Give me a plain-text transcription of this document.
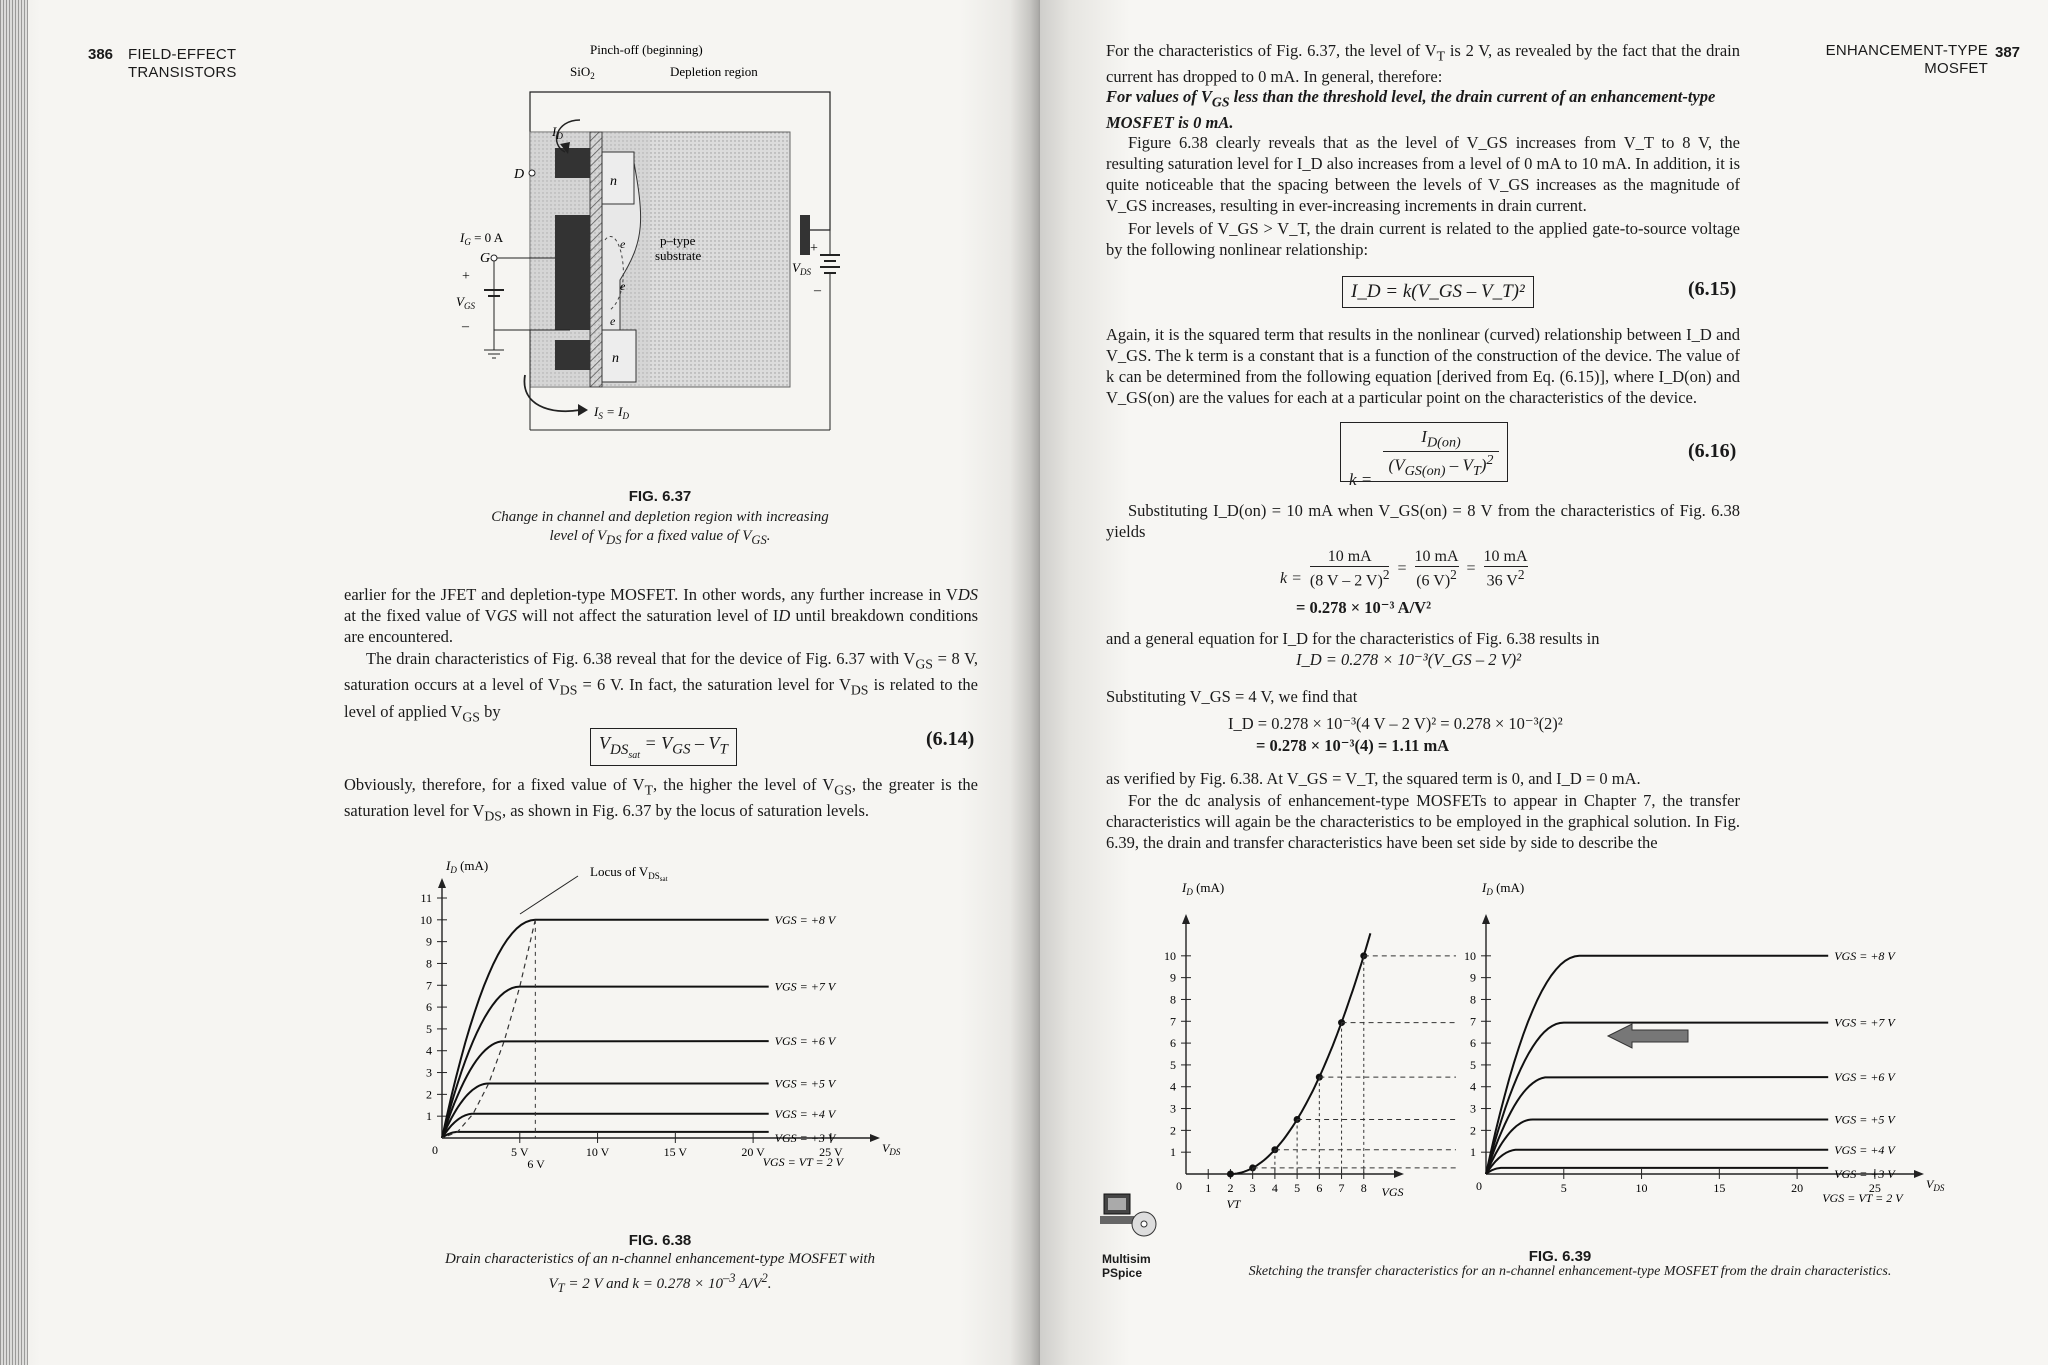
386 FIELD-EFFECT
TRANSISTORS
Pinch-off (beginning)
SiO$_2$	Depletion region
n
n
e
e
e
p–type
substrate
$I_D$
D
$I_G = 0$ A
G
+
$V_{GS}$
–
+
$V_{DS}$
–
$I_S = I_D$
FIG. 6.37
Change in channel and depletion region with increasing
level of $V_{DS}$ for a fixed value of $V_{GS}$.
earlier for the JFET and depletion-type MOSFET. In other words, any further increase in VDS at the fixed value of VGS will not affect the saturation level of ID until breakdown conditions are encountered.
The drain characteristics of Fig. 6.38 reveal that for the device of Fig. 6.37 with $V_{GS} = 8$ V, saturation occurs at a level of $V_{DS} = 6$ V. In fact, the saturation level for $V_{DS}$ is related to the level of applied $V_{GS}$ by
$V_{DS_{sat}} = V_{GS} - V_T$	(6.14)
Obviously, therefore, for a fixed value of $V_T$, the higher the level of $V_{GS}$, the greater is the saturation level for $V_{DS}$, as shown in Fig. 6.37 by the locus of saturation levels.
$I_D$ (mA)	Locus of $V_{DS}sat$
$V_{DS}$
0
1
2
3
4
5
6
7
8
9
10
11
5 V	10 V	15 V	20 V	25 V
VGS = +8 V
VGS = +7 V
VGS = +6 V
VGS = +5 V
VGS = +4 V
VGS = +3 V
VGS = VT = 2 V
6 V
FIG. 6.38
Drain characteristics of an n-channel enhancement-type MOSFET with
$V_T = 2$ V and $k = 0.278 \times 10^{-3}$ $A/V^2$.
ENHANCEMENT-TYPE
MOSFET
387
For the characteristics of Fig. 6.37, the level of $V_T$ is 2 V, as revealed by the fact that the drain current has dropped to 0 mA. In general, therefore:
For values of $V_{GS}$ less than the threshold level, the drain current of an enhancement-type MOSFET is 0 mA.
Figure 6.38 clearly reveals that as the level of V_GS increases from V_T to 8 V, the resulting saturation level for I_D also increases from a level of 0 mA to 10 mA. In addition, it is quite noticeable that the spacing between the levels of V_GS increases as the magnitude of V_GS increases, resulting in ever-increasing increments in drain current.
For levels of V_GS > V_T, the drain current is related to the applied gate-to-source voltage by the following nonlinear relationship:
I_D = k(V_GS – V_T)²	(6.15)
Again, it is the squared term that results in the nonlinear (curved) relationship between I_D and V_GS. The k term is a constant that is a function of the construction of the device. The value of k can be determined from the following equation [derived from Eq. (6.15)], where I_D(on) and V_GS(on) are the values for each at a particular point on the characteristics of the device.
k =
$I_{D(on)}$
$(V_{GS(on)} - V_T)^2$	(6.16)
Substituting I_D(on) = 10 mA when V_GS(on) = 8 V from the characteristics of Fig. 6.38 yields
$k = \frac{10 mA}{(8 V - 2 V)^2} = \frac{10 mA}{(6 V)^2} = \frac{10 mA}{36 V^2}$
= 0.278 × 10⁻³ A/V²
and a general equation for I_D for the characteristics of Fig. 6.38 results in
I_D = 0.278 × 10⁻³(V_GS – 2 V)²
Substituting V_GS = 4 V, we find that
I_D = 0.278 × 10⁻³(4 V – 2 V)² = 0.278 × 10⁻³(2)²
= 0.278 × 10⁻³(4) = 1.11 mA
as verified by Fig. 6.38. At V_GS = V_T, the squared term is 0, and I_D = 0 mA.
For the dc analysis of enhancement-type MOSFETs to appear in Chapter 7, the transfer characteristics will again be the characteristics to be employed in the graphical solution. In Fig. 6.39, the drain and transfer characteristics have been set side by side to describe the
$I_D$ (mA)
0
1
2
3
4
5
6
7
8
9
10
1 2 3 4 5 6 7 8
VT
VGS
$I_D$ (mA)
$V_{DS}$
0
1
2
3
4
5
6
7
8
9
10
5	10	15	20	25
VGS = +8 V
VGS = +7 V
VGS = +6 V
VGS = +5 V
VGS = +4 V
VGS = +3 V
VGS = VT = 2 V
Multisim
PSpice
FIG. 6.39
Sketching the transfer characteristics for an n-channel enhancement-type MOSFET from the drain characteristics.
